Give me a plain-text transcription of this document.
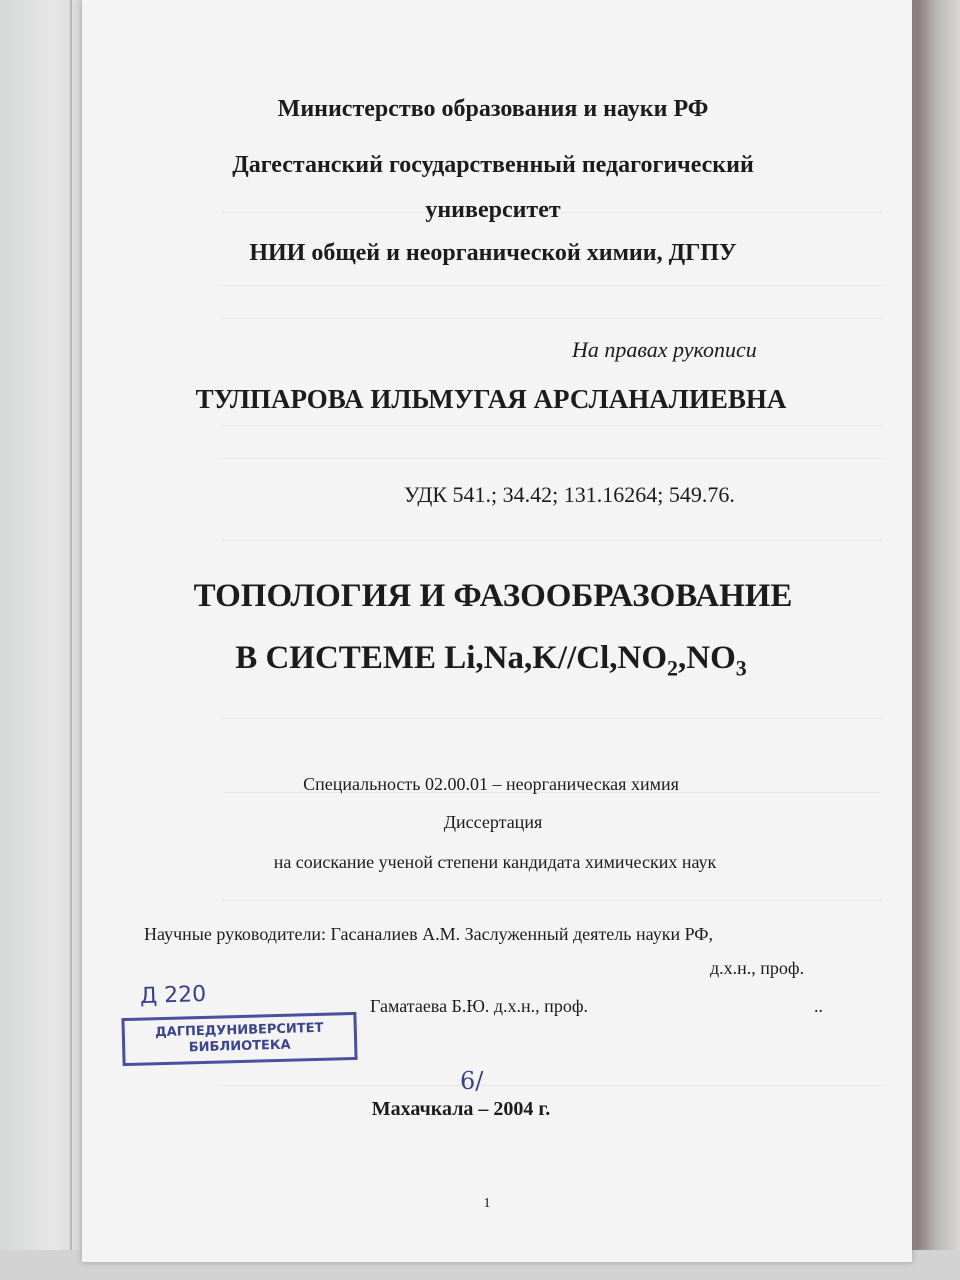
Министерство образования и науки РФ
Дагестанский государственный педагогический
университет
НИИ общей и неорганической химии, ДГПУ
На правах рукописи
ТУЛПАРОВА ИЛЬМУГАЯ АРСЛАНАЛИЕВНА
УДК 541.; 34.42; 131.16264; 549.76.
ТОПОЛОГИЯ И ФАЗООБРАЗОВАНИЕ
В СИСТЕМЕ $Li,Na,K//Cl,NO_2,NO_3$
Специальность 02.00.01 – неорганическая химия
Диссертация
на соискание ученой степени кандидата химических наук
Научные руководители: Гасаналиев А.М. Заслуженный деятель науки РФ,
д.х.н., проф.
Гаматаева Б.Ю. д.х.н., проф.	..
Д 220
ДАГПЕДУНИВЕРСИТЕТ
БИБЛИОТЕКА
6/
Махачкала – 2004 г.
1
